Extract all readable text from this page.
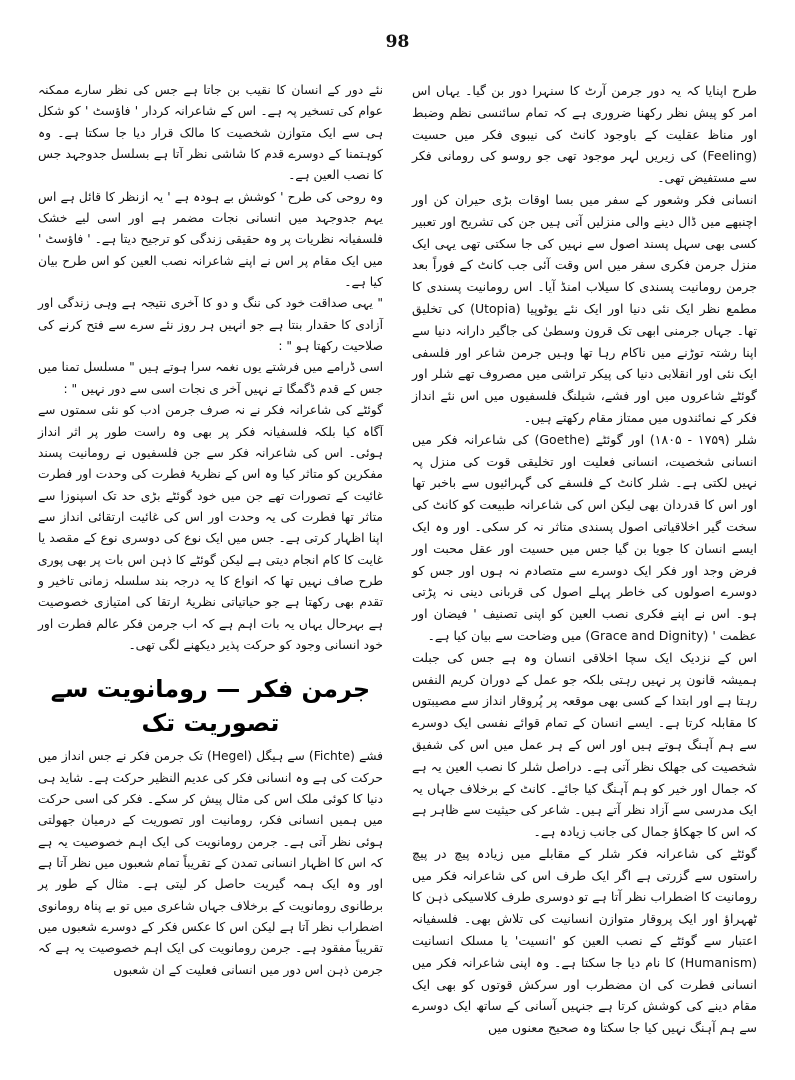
98

طرح اپنایا کہ یہ دور جرمن آرٹ کا سنہرا دور بن گیا۔ یہاں اس امر کو پیش نظر رکھنا ضروری ہے کہ تمام سائنسی نظم وضبط اور مناظ عقلیت کے باوجود کانٹ کی نیبوی فکر میں حسیت (Feeling) کی زیریں لہر موجود تھی جو روسو کی رومانی فکر سے مستفیض تھی۔

انسانی فکر وشعور کے سفر میں بسا اوقات بڑی حیران کن اور اچنبھے میں ڈال دینے والی منزلیں آتی ہیں جن کی تشریح اور تعبیر کسی بھی سہل پسند اصول سے نہیں کی جا سکتی تھی یہی ایک منزل جرمن فکری سفر میں اس وقت آئی جب کانٹ کے فوراً بعد جرمن رومانیت پسندی کا سیلاب امنڈ آیا۔ اس رومانیت پسندی کا مطمع نظر ایک نئی دنیا اور ایک نئے یوٹوپیا (Utopia) کی تخلیق تھا۔ جہاں جرمنی ابھی تک قرون وسطیٰ کی جاگیر دارانہ دنیا سے اپنا رشتہ توڑنے میں ناکام رہا تھا وہیں جرمن شاعر اور فلسفی ایک نئی اور انقلابی دنیا کی پیکر تراشی میں مصروف تھے شلر اور گوئٹے شاعروں میں اور فشے، شیلنگ فلسفیوں میں اس نئے انداز فکر کے نمائندوں میں ممتاز مقام رکھتے ہیں۔

شلر (۱۷۵۹ - ۱۸۰۵) اور گوئٹے (Goethe) کی شاعرانہ فکر میں انسانی شخصیت، انسانی فعلیت اور تخلیقی قوت کی منزل پہ نہیں لکتی ہے۔ شلر کانٹ کے فلسفے کی گہرائیوں سے باخبر تھا اور اس کا قدردان بھی لیکن اس کی شاعرانہ طبیعت کو کانٹ کی سخت گیر اخلاقیاتی اصول پسندی متاثر نہ کر سکی۔ اور وہ ایک ایسے انسان کا جویا بن گیا جس میں حسیت اور عقل محبت اور فرض وجد اور فکر ایک دوسرے سے متصادم نہ ہوں اور جس کو دوسرے اصولوں کی خاطر پہلے اصول کی قربانی دینی نہ پڑتی ہو۔ اس نے اپنے فکری نصب العین کو اپنی تصنیف ' فیضان اور عظمت ' (Grace and Dignity) میں وضاحت سے بیان کیا ہے۔

اس کے نزدیک ایک سچا اخلاقی انسان وہ ہے جس کی جبلت ہمیشہ قانون پر نہیں رہتی بلکہ جو عمل کے دوران کریم النفس رہتا ہے اور ابتدا کے کسی بھی موقعہ پر پُروقار انداز سے مصیبتوں کا مقابلہ کرتا ہے۔ ایسے انسان کے تمام قوائے نفسی ایک دوسرے سے ہم آہنگ ہوتے ہیں اور اس کے ہر عمل میں اس کی شفیق شخصیت کی جھلک نظر آتی ہے۔ دراصل شلر کا نصب العین یہ ہے کہ جمال اور خیر کو ہم آہنگ کیا جائے۔ کانٹ کے برخلاف جہاں یہ ایک مدرسی سے آزاد نظر آتے ہیں۔ شاعر کی حیثیت سے ظاہر ہے کہ اس کا جھکاؤ جمال کی جانب زیادہ ہے۔

گوئٹے کی شاعرانہ فکر شلر کے مقابلے میں زیادہ پیچ در پیچ راستوں سے گزرتی ہے اگر ایک طرف اس کی شاعرانہ فکر میں رومانیت کا اضطراب نظر آتا ہے تو دوسری طرف کلاسیکی ذہن کا ٹھہراؤ اور ایک پروقار متوازن انسانیت کی تلاش بھی۔ فلسفیانہ اعتبار سے گوئٹے کے نصب العین کو 'انسیت' یا مسلک انسانیت (Humanism) کا نام دیا جا سکتا ہے۔ وہ اپنی شاعرانہ فکر میں انسانی فطرت کی ان مضطرب اور سرکش قوتوں کو بھی ایک مقام دینے کی کوشش کرتا ہے جنہیں آسانی کے ساتھ ایک دوسرے سے ہم آہنگ نہیں کیا جا سکتا وہ صحیح معنوں میں

نئے دور کے انسان کا نقیب بن جاتا ہے جس کی نظر سارے ممکنہ عوام کی تسخیر پہ ہے۔ اس کے شاعرانہ کردار ' فاؤسٹ ' کو شکل ہی سے ایک متوازن شخصیت کا مالک قرار دیا جا سکتا ہے۔ وہ کوہتمنا کے دوسرے قدم کا شاشی نظر آتا ہے بسلسل جدوجہد جس کا نصب العین ہے۔

وہ روحی کی طرح ' کوشش بے ہودہ ہے ' یہ ازنظر کا قائل ہے اس یہم جدوجہد میں انسانی نجات مضمر ہے اور اسی لیے خشک فلسفیانہ نظریات پر وہ حقیقی زندگی کو ترجیح دیتا ہے۔ ' فاؤسٹ ' میں ایک مقام پر اس نے اپنے شاعرانہ نصب العین کو اس طرح بیان کیا ہے۔

" یہی صداقت خود کی ننگ و دو کا آخری نتیجہ ہے وہی زندگی اور آزادی کا حقدار بنتا ہے جو انہیں ہر روز نئے سرے سے فتح کرنے کی صلاحیت رکھتا ہو " :

اسی ڈرامے میں فرشتے یوں نغمہ سرا ہوتے ہیں " مسلسل تمنا میں جس کے قدم ڈگمگا تے نہیں آخر ی نجات اسی سے دور نہیں " :

گوئٹے کی شاعرانہ فکر نے نہ صرف جرمن ادب کو نئی سمتوں سے آگاہ کیا بلکہ فلسفیانہ فکر پر بھی وہ راست طور پر اثر انداز ہوئی۔ اس کی شاعرانہ فکر سے جن فلسفیوں نے رومانیت پسند مفکرین کو متاثر کیا وہ اس کے نظریۂ فطرت کی وحدت اور فطرت غائیت کے تصورات تھے جن میں خود گوئٹے بڑی حد تک اسپنوزا سے متاثر تھا فطرت کی یہ وحدت اور اس کی غائیت ارتقائی انداز سے اپنا اظہار کرتی ہے۔ جس میں ایک نوع کی دوسری نوع کے مقصد یا غایت کا کام انجام دیتی ہے لیکن گوئٹے کا ذہن اس بات پر بھی پوری طرح صاف نہیں تھا کہ انواع کا یہ درجہ بند سلسلہ زمانی تاخیر و تقدم بھی رکھتا ہے جو حیاتیاتی نظریۂ ارتقا کی امتیازی خصوصیت ہے بہرحال یہاں یہ بات اہم ہے کہ اب جرمن فکر عالم فطرت اور خود انسانی وجود کو حرکت پذیر دیکھنے لگی تھی۔

جرمن فکر — رومانویت سے تصوریت تک

فشے (Fichte) سے ہیگل (Hegel) تک جرمن فکر نے جس انداز میں حرکت کی ہے وہ انسانی فکر کی عدیم النظیر حرکت ہے۔ شاید ہی دنیا کا کوئی ملک اس کی مثال پیش کر سکے۔ فکر کی اسی حرکت میں ہمیں انسانی فکر، رومانیت اور تصوریت کے درمیان جھولتی ہوئی نظر آتی ہے۔ جرمن رومانویت کی ایک اہم خصوصیت یہ ہے کہ اس کا اظہار انسانی تمدن کے تقریباً تمام شعبوں میں نظر آتا ہے اور وہ ایک ہمہ گیریت حاصل کر لیتی ہے۔ مثال کے طور پر برطانوی رومانویت کے برخلاف جہاں شاعری میں تو بے پناہ رومانوی اضطراب نظر آتا ہے لیکن اس کا عکس فکر کے دوسرے شعبوں میں تقریباً مفقود ہے۔ جرمن رومانویت کی ایک اہم خصوصیت یہ ہے کہ جرمن ذہن اس دور میں انسانی فعلیت کے ان شعبوں
